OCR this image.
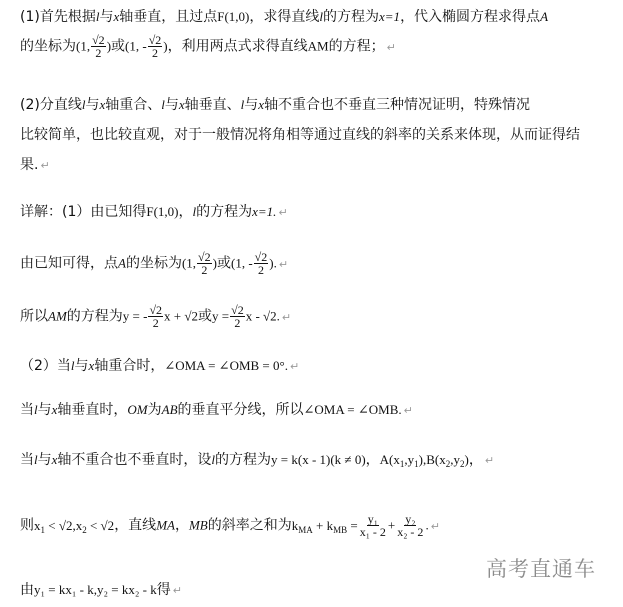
(1)首先根据l与x轴垂直，且过点F(1,0)，求得直线l的方程为x=1，代入椭圆方程求得点A
的坐标为(1, $\frac{√2}{2}$ )或(1, - $\frac{√2}{2}$ )，利用两点式求得直线AM的方程； ↵
(2)分直线l与x轴重合、l与x轴垂直、l与x轴不重合也不垂直三种情况证明，特殊情况
比较简单，也比较直观，对于一般情况将角相等通过直线的斜率的关系来体现，从而证得结
果. ↵
详解：(1）由已知得F(1,0)，l的方程为x=1. ↵
由已知可得，点A的坐标为(1, $\frac{√2}{2}$ )或(1, - $\frac{√2}{2}$ ). ↵
所以AM的方程为y = - $\frac{√2}{2}$ x + √2或$y = \frac{√2}{2}$ x - √2. ↵
（2）当l与x轴重合时，∠OMA = ∠OMB = 0°. ↵
当l与x轴垂直时，OM为AB的垂直平分线，所以∠OMA = ∠OMB. ↵
当l与x轴不重合也不垂直时，设l的方程为y = k(x - 1)(k ≠ 0)，$A(x_1,y_1),B(x_2,y_2)$， ↵
则$x_1 < √2,x_2 < √2$，直线MA，MB的斜率之和为$k_{MA} + k_{MB} = \frac{\text{y₁}}{\text{x₁ - 2}} + \frac{\text{y₂}}{\text{x₂ - 2}}$ . ↵
由y₁ = kx₁ - k,y₂ = kx₂ - k得 ↵
高考直通车
